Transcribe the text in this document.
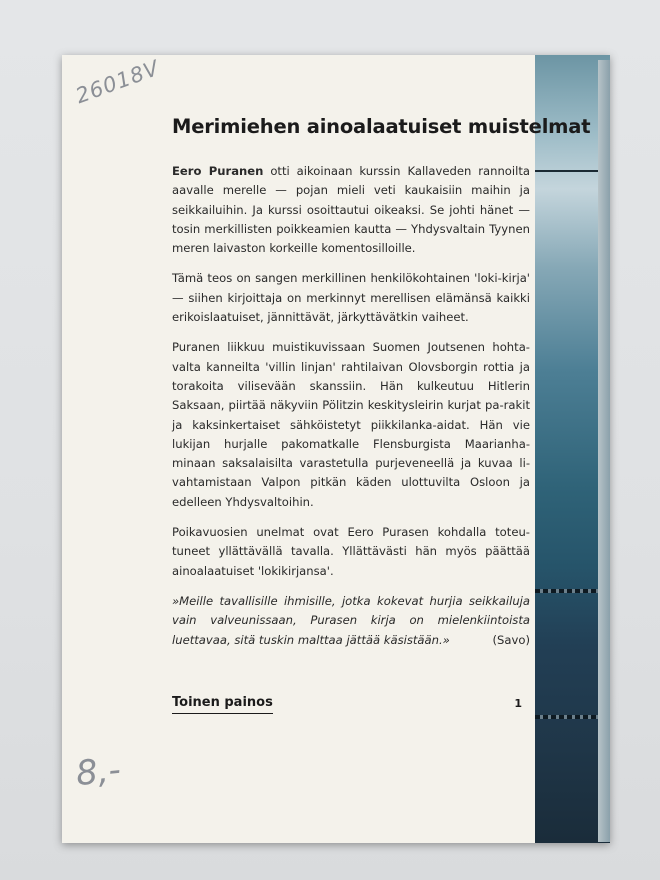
26018V
8,-
Merimiehen ainoalaatuiset muistelmat

Eero Puranen otti aikoinaan kurssin Kallaveden rannoilta aavalle merelle — pojan mieli veti kaukaisiin maihin ja seikkailuihin. Ja kurssi osoittautui oikeaksi. Se johti hänet — tosin merkillisten poikkeamien kautta — Yhdysvaltain Tyynen meren laivaston korkeille komentosilloille.

Tämä teos on sangen merkillinen henkilökohtainen 'loki-kirja' — siihen kirjoittaja on merkinnyt merellisen elämänsä kaikki erikoislaatuiset, jännittävät, järkyttävätkin vaiheet.

Puranen liikkuu muistikuvissaan Suomen Joutsenen hohta-valta kanneilta 'villin linjan' rahtilaivan Olovsborgin rottia ja torakoita vilisevään skanssiin. Hän kulkeutuu Hitlerin Saksaan, piirtää näkyviin Pölitzin keskitysleirin kurjat pa-rakit ja kaksinkertaiset sähköistetyt piikkilanka-aidat. Hän vie lukijan hurjalle pakomatkalle Flensburgista Maarianha-minaan saksalaisilta varastetulla purjeveneellä ja kuvaa li-vahtamistaan Valpon pitkän käden ulottuvilta Osloon ja edelleen Yhdysvaltoihin.

Poikavuosien unelmat ovat Eero Purasen kohdalla toteu-tuneet yllättävällä tavalla. Yllättävästi hän myös päättää ainoalaatuiset 'lokikirjansa'.

»Meille tavallisille ihmisille, jotka kokevat hurjia seikkailuja vain valveunissaan, Purasen kirja on mielenkiintoista luettavaa, sitä tuskin malttaa jättää käsistään.»	(Savo)

Toinen painos	1
